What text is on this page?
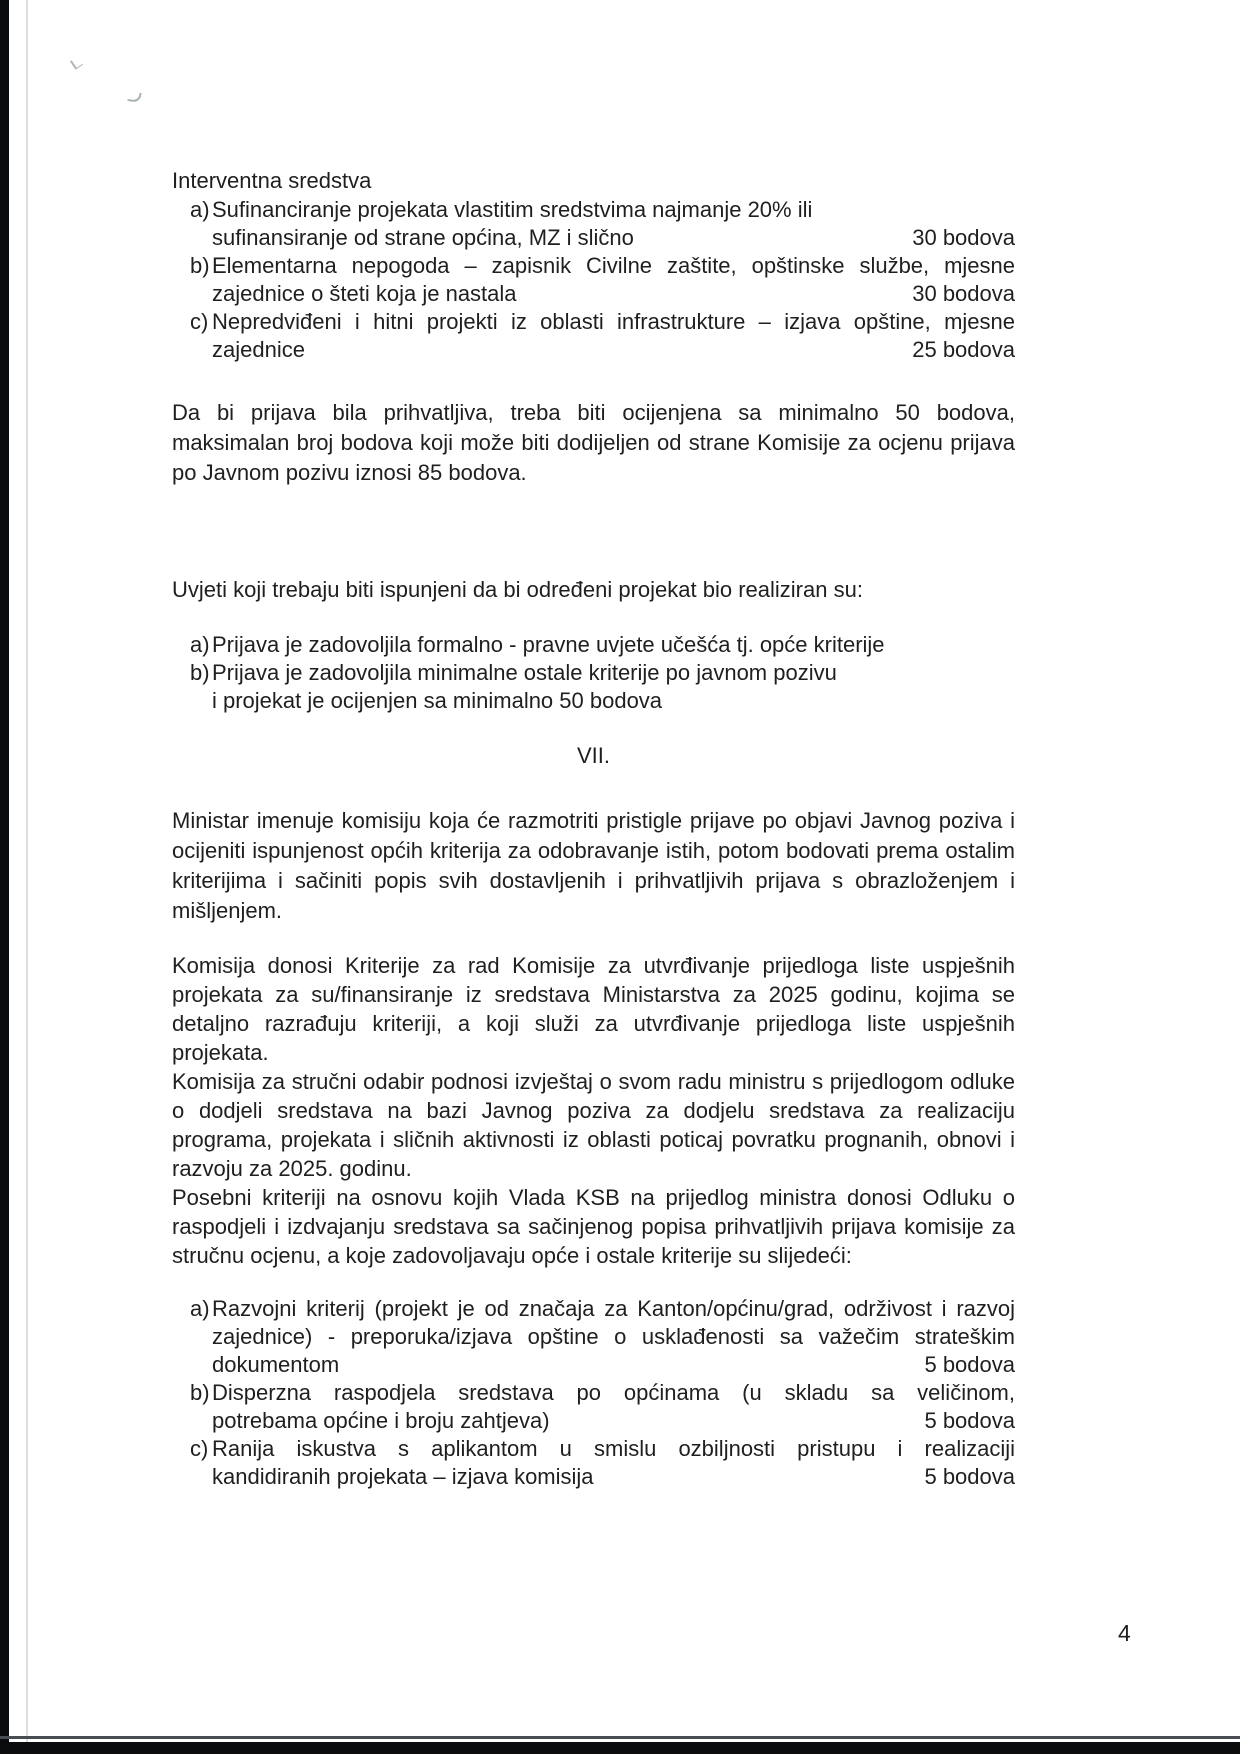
Interventna sredstva
a) Sufinanciranje projekata vlastitim sredstvima najmanje 20% ili
sufinansiranje od strane općina, MZ i slično	30 bodova
b) Elementarna nepogoda – zapisnik Civilne zaštite, opštinske službe, mjesne
zajednice o šteti koja je nastala	30 bodova
c) Nepredviđeni i hitni projekti iz oblasti infrastrukture – izjava opštine, mjesne
zajednice	25 bodova
Da bi prijava bila prihvatljiva, treba biti ocijenjena sa minimalno 50 bodova, maksimalan broj bodova koji može biti dodijeljen od strane Komisije za ocjenu prijava po Javnom pozivu iznosi 85 bodova.
Uvjeti koji trebaju biti ispunjeni da bi određeni projekat bio realiziran su:
a) Prijava je zadovoljila formalno - pravne uvjete učešća tj. opće kriterije
b) Prijava je zadovoljila minimalne ostale kriterije po javnom pozivu
i projekat je ocijenjen sa minimalno 50 bodova
VII.
Ministar imenuje komisiju koja će razmotriti pristigle prijave po objavi Javnog poziva i ocijeniti ispunjenost općih kriterija za odobravanje istih, potom bodovati prema ostalim kriterijima i sačiniti popis svih dostavljenih i prihvatljivih prijava s obrazloženjem i mišljenjem.
Komisija donosi Kriterije za rad Komisije za utvrđivanje prijedloga liste uspješnih projekata za su/finansiranje iz sredstava Ministarstva za 2025 godinu, kojima se detaljno razrađuju kriteriji, a koji služi za utvrđivanje prijedloga liste uspješnih projekata.
Komisija za stručni odabir podnosi izvještaj o svom radu ministru s prijedlogom odluke o dodjeli sredstava na bazi Javnog poziva za dodjelu sredstava za realizaciju programa, projekata i sličnih aktivnosti iz oblasti poticaj povratku prognanih, obnovi i razvoju za 2025. godinu.
Posebni kriteriji na osnovu kojih Vlada KSB na prijedlog ministra donosi Odluku o raspodjeli i izdvajanju sredstava sa sačinjenog popisa prihvatljivih prijava komisije za stručnu ocjenu, a koje zadovoljavaju opće i ostale kriterije su slijedeći:
a) Razvojni kriterij (projekt je od značaja za Kanton/općinu/grad, održivost i razvoj
zajednice) - preporuka/izjava opštine o usklađenosti sa važečim strateškim
dokumentom	5 bodova
b) Disperzna raspodjela sredstava po općinama (u skladu sa veličinom,
potrebama općine i broju zahtjeva)	5 bodova
c) Ranija iskustva s aplikantom u smislu ozbiljnosti pristupu i realizaciji
kandidiranih projekata – izjava komisija	5 bodova
4
